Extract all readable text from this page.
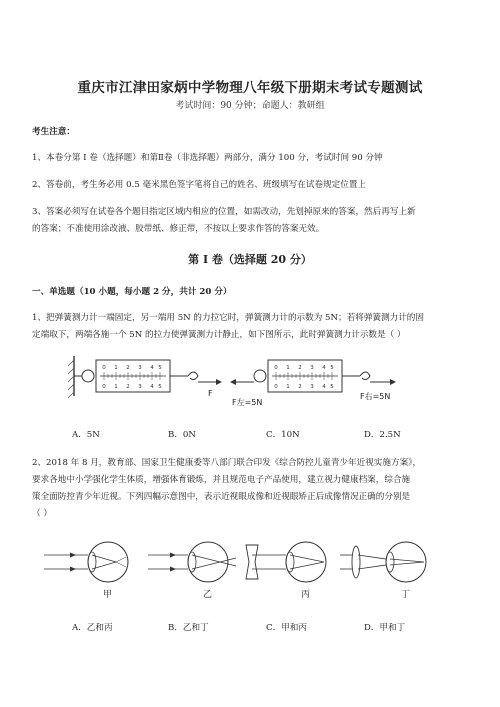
重庆市江津田家炳中学物理八年级下册期末考试专题测试
考试时间：90 分钟；命题人：教研组
考生注意：
1、本卷分第 I 卷（选择题）和第Ⅱ卷（非选择题）两部分，满分 100 分，考试时间 90 分钟
2、答卷前，考生务必用 0.5 毫米黑色签字笔将自己的姓名、班级填写在试卷规定位置上
3、答案必须写在试卷各个题目指定区域内相应的位置，如需改动，先划掉原来的答案，然后再写上新
的答案；不准使用涂改液、胶带纸、修正带，不按以上要求作答的答案无效。
第 I 卷（选择题 20 分）
一、单选题（10 小题，每小题 2 分，共计 20 分）
1、把弹簧测力计一端固定，另一端用 5N 的力拉它时，弹簧测力计的示数为 5N；若将弹簧测力计的固
定端取下，两端各施一个 5N 的拉力使弹簧测力计静止，如下图所示，此时弹簧测力计示数是（ ）
0 1 2 3 4 5
0 1 2 3 4 5
F
0 1 2 3 4 5
0 1 2 3 4 5
F左=5N
F右=5N
A．5N	B．0N	C．10N	D．2.5N
2、2018 年 8 月，教育部、国家卫生健康委等八部门联合印发《综合防控儿童青少年近视实施方案》，
要求各地中小学强化学生体质，增强体育锻炼，并且规范电子产品使用，建立视力健康档案，综合施
策全面防控青少年近视。下列四幅示意图中，表示近视眼成像和近视眼矫正后成像情况正确的分别是
（ ）
甲	乙	丙	丁
A．乙和丙	B．乙和丁	C．甲和丙	D．甲和丁
